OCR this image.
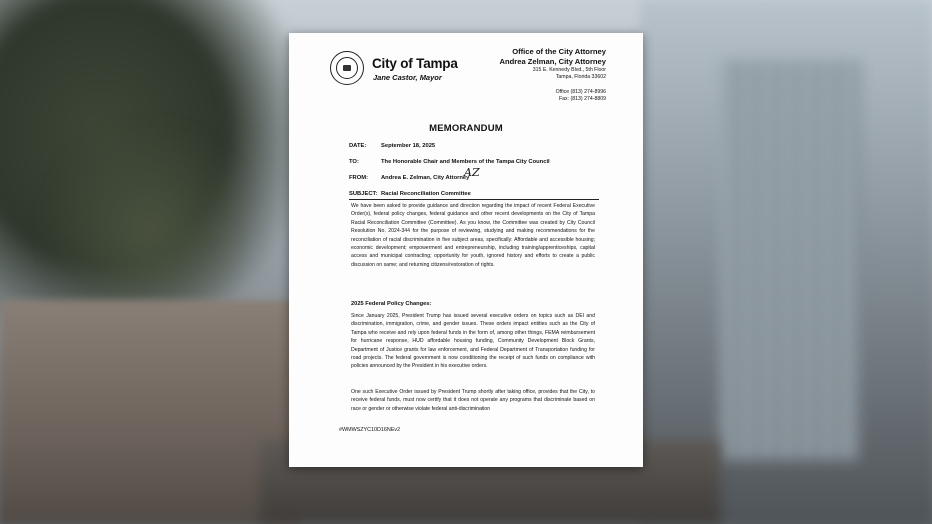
City of Tampa
Jane Castor, Mayor
Office of the City Attorney
Andrea Zelman, City Attorney
315 E. Kennedy Blvd., 5th Floor
Tampa, Florida 33602
Office (813) 274-8996
Fax: (813) 274-8809
MEMORANDUM
DATE:	September 18, 2025
TO:	The Honorable Chair and Members of the Tampa City Council
FROM: Andrea E. Zelman, City Attorney
AZ
SUBJECT: Racial Reconciliation Committee

We have been asked to provide guidance and direction regarding the impact of recent Federal Executive Order(s), federal policy changes, federal guidance and other recent developments on the City of Tampa Racial Reconciliation Committee (Committee). As you know, the Committee was created by City Council Resolution No. 2024-344 for the purpose of reviewing, studying and making recommendations for the reconciliation of racial discrimination in five subject areas, specifically: Affordable and accessible housing; economic development; empowerment and entrepreneurship, including training/apprenticeships, capital access and municipal contracting; opportunity for youth, ignored history and efforts to create a public discussion on same; and returning citizens/restoration of rights.

2025 Federal Policy Changes:

Since January 2025, President Trump has issued several executive orders on topics such as DEI and discrimination, immigration, crime, and gender issues. These orders impact entities such as the City of Tampa who receive and rely upon federal funds in the form of, among other things, FEMA reimbursement for hurricane response, HUD affordable housing funding, Community Development Block Grants, Department of Justice grants for law enforcement, and Federal Department of Transportation funding for road projects. The federal government is now conditioning the receipt of such funds on compliance with policies announced by the President in his executive orders.

One such Executive Order issued by President Trump shortly after taking office, provides that the City, to receive federal funds, must now certify that it does not operate any programs that discriminate based on race or gender or otherwise violate federal anti-discrimination

#WMWSZYC10D16NEv2
